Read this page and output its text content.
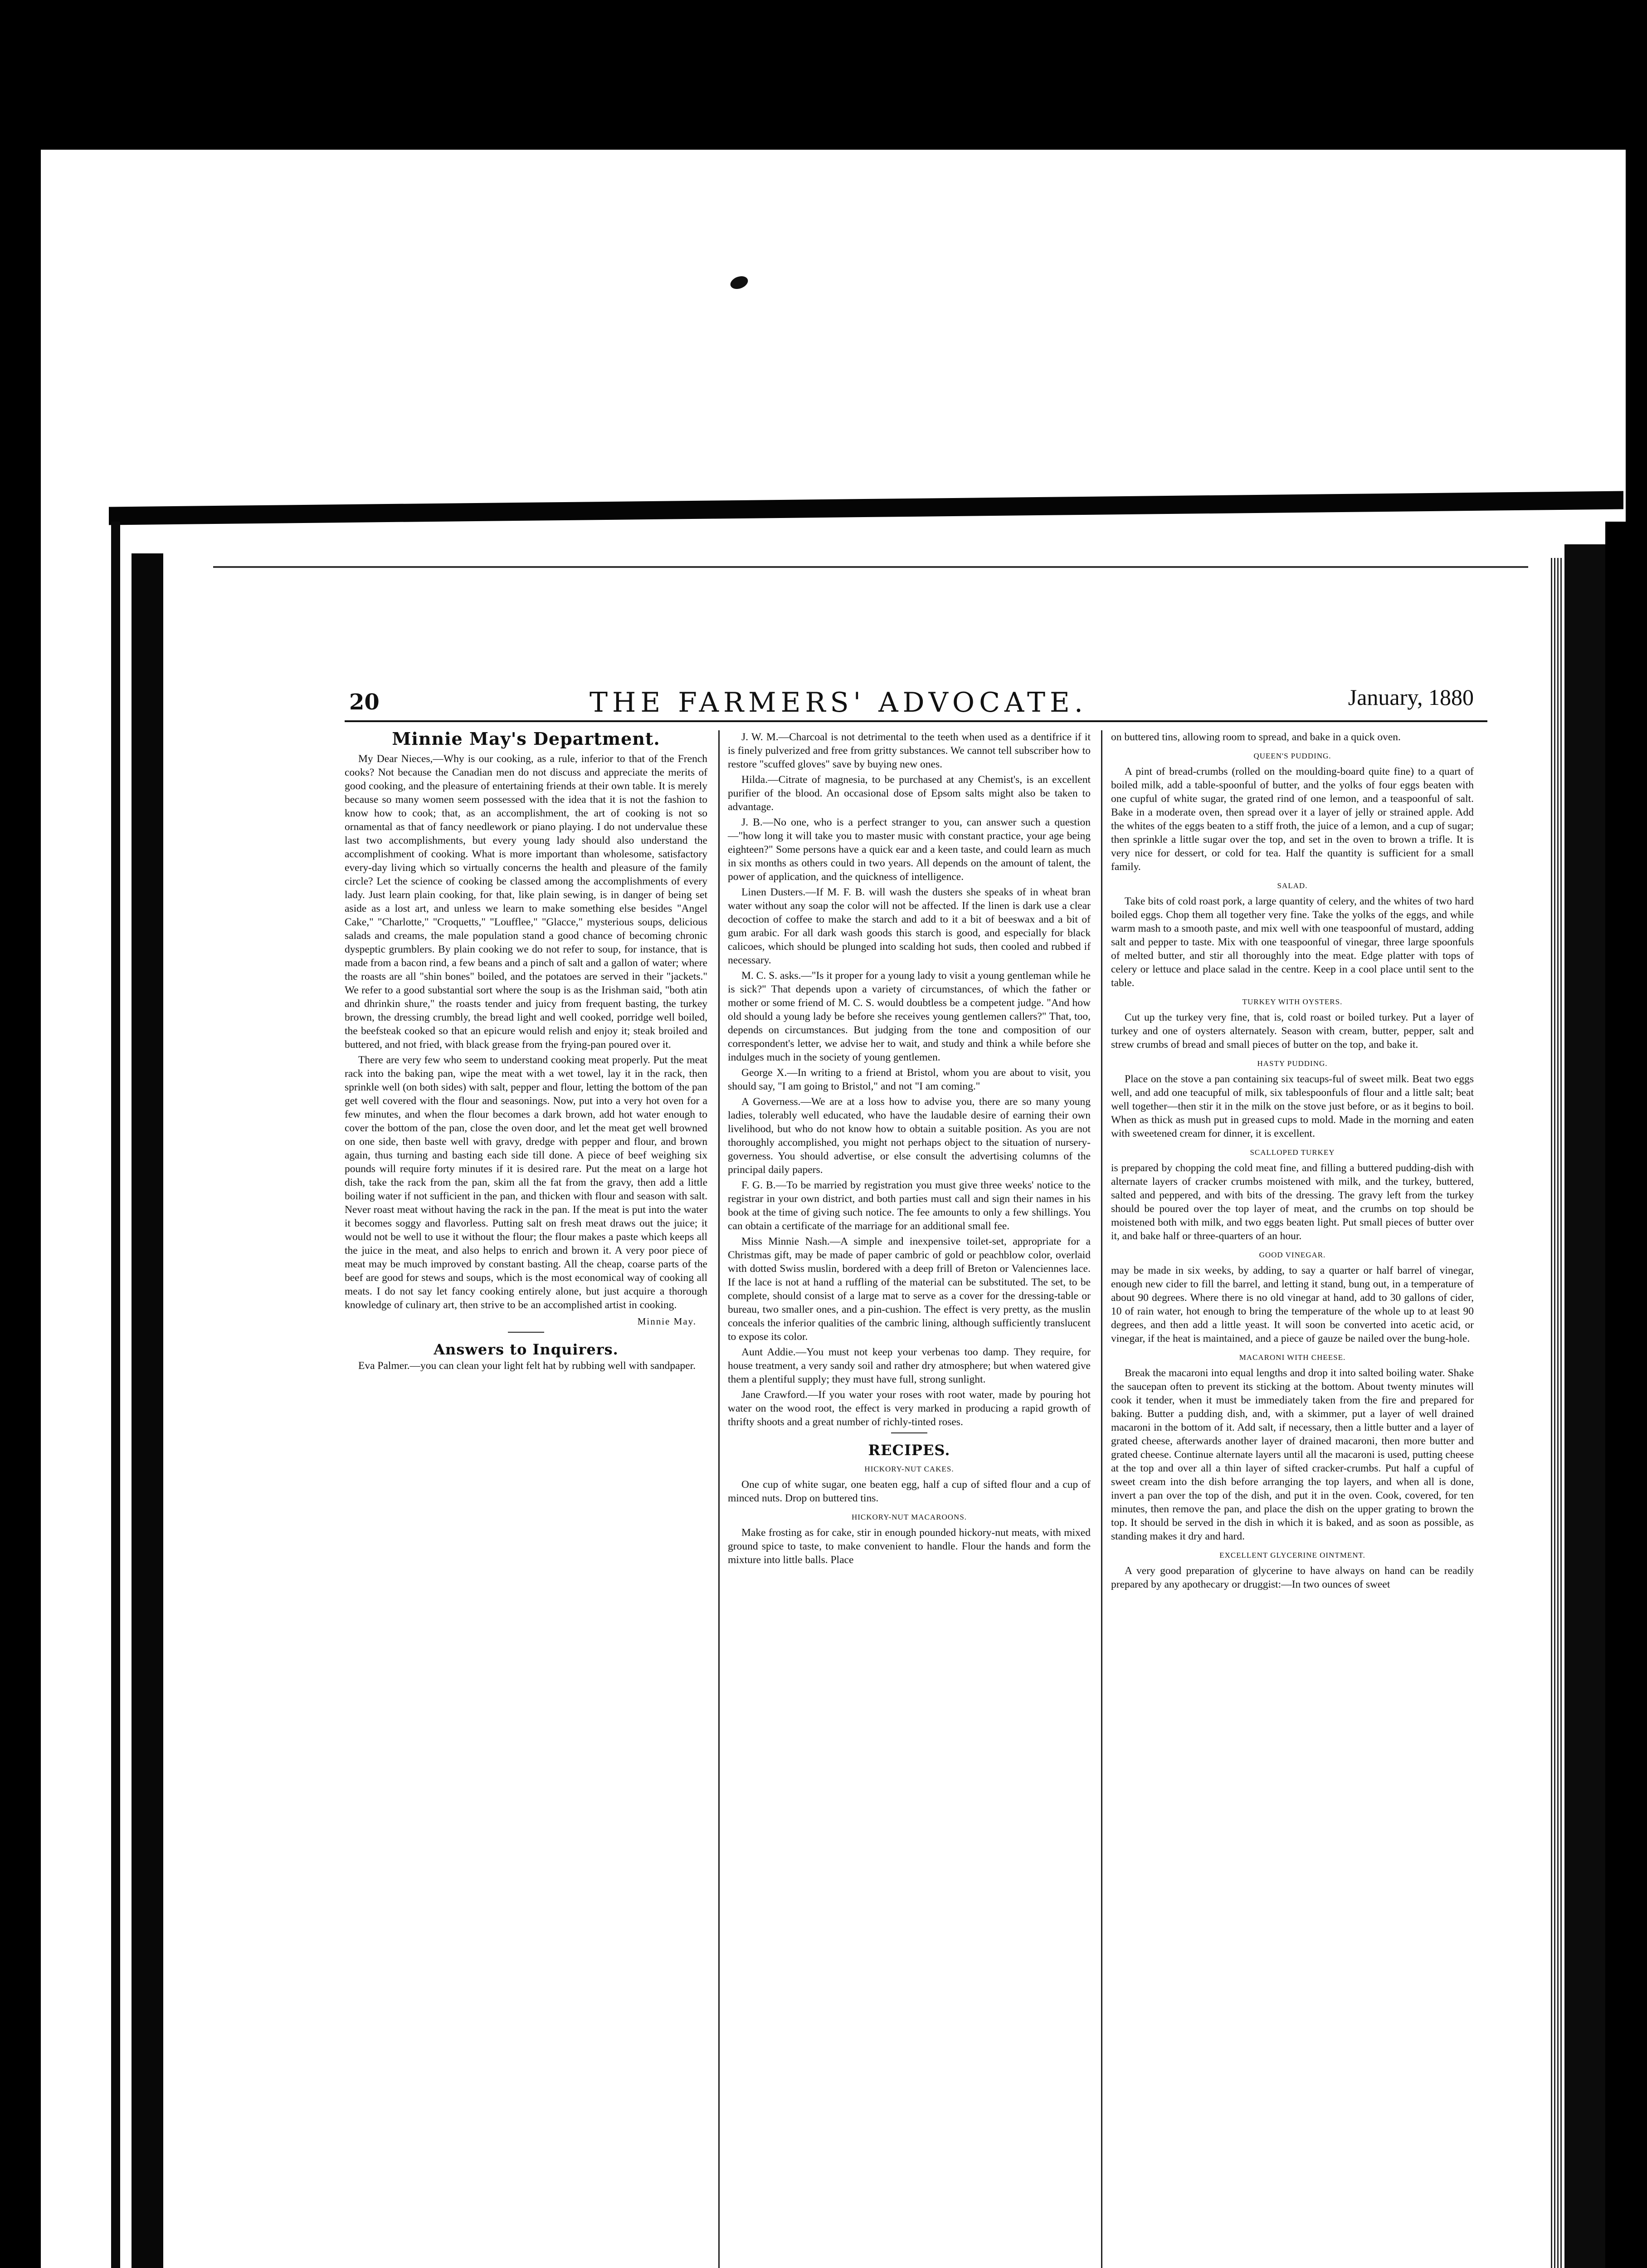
20	THE FARMERS' ADVOCATE.	January, 1880
Minnie May's Department.

My Dear Nieces,—Why is our cooking, as a rule, inferior to that of the French cooks? Not because the Canadian men do not discuss and appreciate the merits of good cooking, and the pleasure of entertaining friends at their own table. It is merely because so many women seem possessed with the idea that it is not the fashion to know how to cook; that, as an accomplishment, the art of cooking is not so ornamental as that of fancy needlework or piano playing. I do not undervalue these last two accomplishments, but every young lady should also understand the accomplishment of cooking. What is more important than wholesome, satisfactory every-day living which so virtually concerns the health and pleasure of the family circle? Let the science of cooking be classed among the accomplishments of every lady. Just learn plain cooking, for that, like plain sewing, is in danger of being set aside as a lost art, and unless we learn to make something else besides "Angel Cake," "Charlotte," "Croquetts," "Loufflee," "Glacce," mysterious soups, delicious salads and creams, the male population stand a good chance of becoming chronic dyspeptic grumblers. By plain cooking we do not refer to soup, for instance, that is made from a bacon rind, a few beans and a pinch of salt and a gallon of water; where the roasts are all "shin bones" boiled, and the potatoes are served in their "jackets." We refer to a good substantial sort where the soup is as the Irishman said, "both atin and dhrinkin shure," the roasts tender and juicy from frequent basting, the turkey brown, the dressing crumbly, the bread light and well cooked, porridge well boiled, the beefsteak cooked so that an epicure would relish and enjoy it; steak broiled and buttered, and not fried, with black grease from the frying-pan poured over it.

There are very few who seem to understand cooking meat properly. Put the meat rack into the baking pan, wipe the meat with a wet towel, lay it in the rack, then sprinkle well (on both sides) with salt, pepper and flour, letting the bottom of the pan get well covered with the flour and seasonings. Now, put into a very hot oven for a few minutes, and when the flour becomes a dark brown, add hot water enough to cover the bottom of the pan, close the oven door, and let the meat get well browned on one side, then baste well with gravy, dredge with pepper and flour, and brown again, thus turning and basting each side till done. A piece of beef weighing six pounds will require forty minutes if it is desired rare. Put the meat on a large hot dish, take the rack from the pan, skim all the fat from the gravy, then add a little boiling water if not sufficient in the pan, and thicken with flour and season with salt. Never roast meat without having the rack in the pan. If the meat is put into the water it becomes soggy and flavorless. Putting salt on fresh meat draws out the juice; it would not be well to use it without the flour; the flour makes a paste which keeps all the juice in the meat, and also helps to enrich and brown it. A very poor piece of meat may be much improved by constant basting. All the cheap, coarse parts of the beef are good for stews and soups, which is the most economical way of cooking all meats. I do not say let fancy cooking entirely alone, but just acquire a thorough knowledge of culinary art, then strive to be an accomplished artist in cooking.

Minnie May.
Answers to Inquirers.

Eva Palmer.—you can clean your light felt hat by rubbing well with sandpaper.

J. W. M.—Charcoal is not detrimental to the teeth when used as a dentifrice if it is finely pulverized and free from gritty substances. We cannot tell subscriber how to restore "scuffed gloves" save by buying new ones.

Hilda.—Citrate of magnesia, to be purchased at any Chemist's, is an excellent purifier of the blood. An occasional dose of Epsom salts might also be taken to advantage.

J. B.—No one, who is a perfect stranger to you, can answer such a question—"how long it will take you to master music with constant practice, your age being eighteen?" Some persons have a quick ear and a keen taste, and could learn as much in six months as others could in two years. All depends on the amount of talent, the power of application, and the quickness of intelligence.

Linen Dusters.—If M. F. B. will wash the dusters she speaks of in wheat bran water without any soap the color will not be affected. If the linen is dark use a clear decoction of coffee to make the starch and add to it a bit of beeswax and a bit of gum arabic. For all dark wash goods this starch is good, and especially for black calicoes, which should be plunged into scalding hot suds, then cooled and rubbed if necessary.

M. C. S. asks.—"Is it proper for a young lady to visit a young gentleman while he is sick?" That depends upon a variety of circumstances, of which the father or mother or some friend of M. C. S. would doubtless be a competent judge. "And how old should a young lady be before she receives young gentlemen callers?" That, too, depends on circumstances. But judging from the tone and composition of our correspondent's letter, we advise her to wait, and study and think a while before she indulges much in the society of young gentlemen.

George X.—In writing to a friend at Bristol, whom you are about to visit, you should say, "I am going to Bristol," and not "I am coming."

A Governess.—We are at a loss how to advise you, there are so many young ladies, tolerably well educated, who have the laudable desire of earning their own livelihood, but who do not know how to obtain a suitable position. As you are not thoroughly accomplished, you might not perhaps object to the situation of nursery-governess. You should advertise, or else consult the advertising columns of the principal daily papers.

F. G. B.—To be married by registration you must give three weeks' notice to the registrar in your own district, and both parties must call and sign their names in his book at the time of giving such notice. The fee amounts to only a few shillings. You can obtain a certificate of the marriage for an additional small fee.

Miss Minnie Nash.—A simple and inexpensive toilet-set, appropriate for a Christmas gift, may be made of paper cambric of gold or peachblow color, overlaid with dotted Swiss muslin, bordered with a deep frill of Breton or Valenciennes lace. If the lace is not at hand a ruffling of the material can be substituted. The set, to be complete, should consist of a large mat to serve as a cover for the dressing-table or bureau, two smaller ones, and a pin-cushion. The effect is very pretty, as the muslin conceals the inferior qualities of the cambric lining, although sufficiently translucent to expose its color.

Aunt Addie.—You must not keep your verbenas too damp. They require, for house treatment, a very sandy soil and rather dry atmosphere; but when watered give them a plentiful supply; they must have full, strong sunlight.

Jane Crawford.—If you water your roses with root water, made by pouring hot water on the wood root, the effect is very marked in producing a rapid growth of thrifty shoots and a great number of richly-tinted roses.

RECIPES.
HICKORY-NUT CAKES.

One cup of white sugar, one beaten egg, half a cup of sifted flour and a cup of minced nuts. Drop on buttered tins.

HICKORY-NUT MACAROONS.

Make frosting as for cake, stir in enough pounded hickory-nut meats, with mixed ground spice to taste, to make convenient to handle. Flour the hands and form the mixture into little balls. Place

on buttered tins, allowing room to spread, and bake in a quick oven.

QUEEN'S PUDDING.

A pint of bread-crumbs (rolled on the moulding-board quite fine) to a quart of boiled milk, add a table-spoonful of butter, and the yolks of four eggs beaten with one cupful of white sugar, the grated rind of one lemon, and a teaspoonful of salt. Bake in a moderate oven, then spread over it a layer of jelly or strained apple. Add the whites of the eggs beaten to a stiff froth, the juice of a lemon, and a cup of sugar; then sprinkle a little sugar over the top, and set in the oven to brown a trifle. It is very nice for dessert, or cold for tea. Half the quantity is sufficient for a small family.

SALAD.

Take bits of cold roast pork, a large quantity of celery, and the whites of two hard boiled eggs. Chop them all together very fine. Take the yolks of the eggs, and while warm mash to a smooth paste, and mix well with one teaspoonful of mustard, adding salt and pepper to taste. Mix with one teaspoonful of vinegar, three large spoonfuls of melted butter, and stir all thoroughly into the meat. Edge platter with tops of celery or lettuce and place salad in the centre. Keep in a cool place until sent to the table.

TURKEY WITH OYSTERS.

Cut up the turkey very fine, that is, cold roast or boiled turkey. Put a layer of turkey and one of oysters alternately. Season with cream, butter, pepper, salt and strew crumbs of bread and small pieces of butter on the top, and bake it.

HASTY PUDDING.

Place on the stove a pan containing six teacups-ful of sweet milk. Beat two eggs well, and add one teacupful of milk, six tablespoonfuls of flour and a little salt; beat well together—then stir it in the milk on the stove just before, or as it begins to boil. When as thick as mush put in greased cups to mold. Made in the morning and eaten with sweetened cream for dinner, it is excellent.

SCALLOPED TURKEY

is prepared by chopping the cold meat fine, and filling a buttered pudding-dish with alternate layers of cracker crumbs moistened with milk, and the turkey, buttered, salted and peppered, and with bits of the dressing. The gravy left from the turkey should be poured over the top layer of meat, and the crumbs on top should be moistened both with milk, and two eggs beaten light. Put small pieces of butter over it, and bake half or three-quarters of an hour.

GOOD VINEGAR.

may be made in six weeks, by adding, to say a quarter or half barrel of vinegar, enough new cider to fill the barrel, and letting it stand, bung out, in a temperature of about 90 degrees. Where there is no old vinegar at hand, add to 30 gallons of cider, 10 of rain water, hot enough to bring the temperature of the whole up to at least 90 degrees, and then add a little yeast. It will soon be converted into acetic acid, or vinegar, if the heat is maintained, and a piece of gauze be nailed over the bung-hole.

MACARONI WITH CHEESE.

Break the macaroni into equal lengths and drop it into salted boiling water. Shake the saucepan often to prevent its sticking at the bottom. About twenty minutes will cook it tender, when it must be immediately taken from the fire and prepared for baking. Butter a pudding dish, and, with a skimmer, put a layer of well drained macaroni in the bottom of it. Add salt, if necessary, then a little butter and a layer of grated cheese, afterwards another layer of drained macaroni, then more butter and grated cheese. Continue alternate layers until all the macaroni is used, putting cheese at the top and over all a thin layer of sifted cracker-crumbs. Put half a cupful of sweet cream into the dish before arranging the top layers, and when all is done, invert a pan over the top of the dish, and put it in the oven. Cook, covered, for ten minutes, then remove the pan, and place the dish on the upper grating to brown the top. It should be served in the dish in which it is baked, and as soon as possible, as standing makes it dry and hard.

EXCELLENT GLYCERINE OINTMENT.

A very good preparation of glycerine to have always on hand can be readily prepared by any apothecary or druggist:—In two ounces of sweet
